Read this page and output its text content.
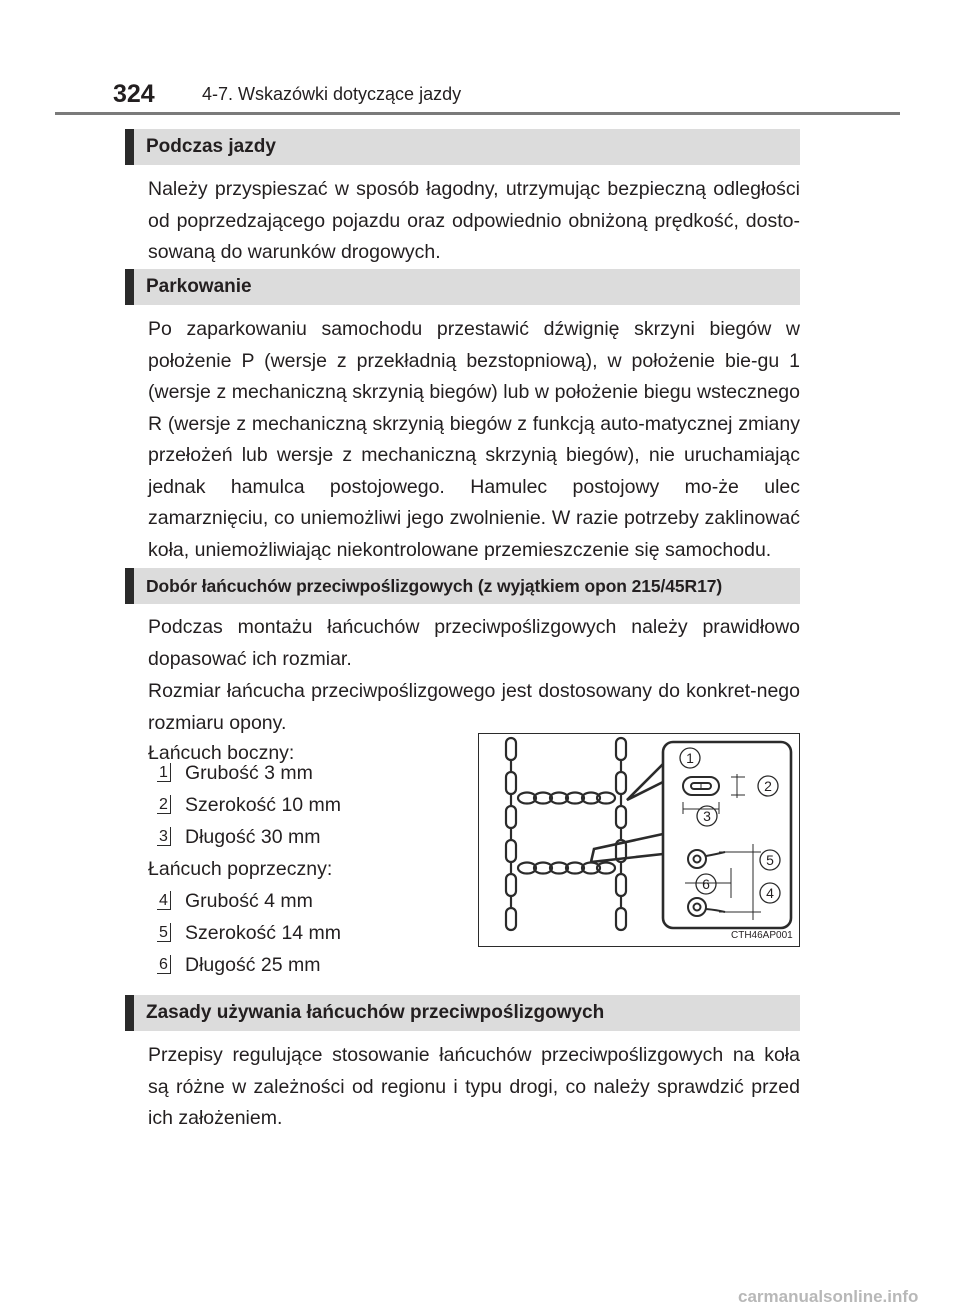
324	4-7. Wskazówki dotyczące jazdy
Podczas jazdy

Należy przyspieszać w sposób łagodny, utrzymując bezpieczną odległości od poprzedzającego pojazdu oraz odpowiednio obniżoną prędkość, dosto-sowaną do warunków drogowych.

Parkowanie

Po zaparkowaniu samochodu przestawić dźwignię skrzyni biegów w położenie P (wersje z przekładnią bezstopniową), w położenie bie-gu 1 (wersje z mechaniczną skrzynią biegów) lub w położenie biegu wstecznego R (wersje z mechaniczną skrzynią biegów z funkcją auto-matycznej zmiany przełożeń lub wersje z mechaniczną skrzynią biegów), nie uruchamiając jednak hamulca postojowego. Hamulec postojowy mo-że ulec zamarznięciu, co uniemożliwi jego zwolnienie. W razie potrzeby zaklinować koła, uniemożliwiając niekontrolowane przemieszczenie się samochodu.

Dobór łańcuchów przeciwpoślizgowych (z wyjątkiem opon 215/45R17)

Podczas montażu łańcuchów przeciwpoślizgowych należy prawidłowo dopasować ich rozmiar.

Rozmiar łańcucha przeciwpoślizgowego jest dostosowany do konkret-nego rozmiaru opony.

Łańcuch boczny:
1 Grubość 3 mm
2 Szerokość 10 mm
3 Długość 30 mm
Łańcuch poprzeczny:
4 Grubość 4 mm
5 Szerokość 14 mm
6 Długość 25 mm
1
2
3
5
6
4
CTH46AP001
Zasady używania łańcuchów przeciwpoślizgowych

Przepisy regulujące stosowanie łańcuchów przeciwpoślizgowych na koła są różne w zależności od regionu i typu drogi, co należy sprawdzić przed ich założeniem.

carmanualsonline.info
